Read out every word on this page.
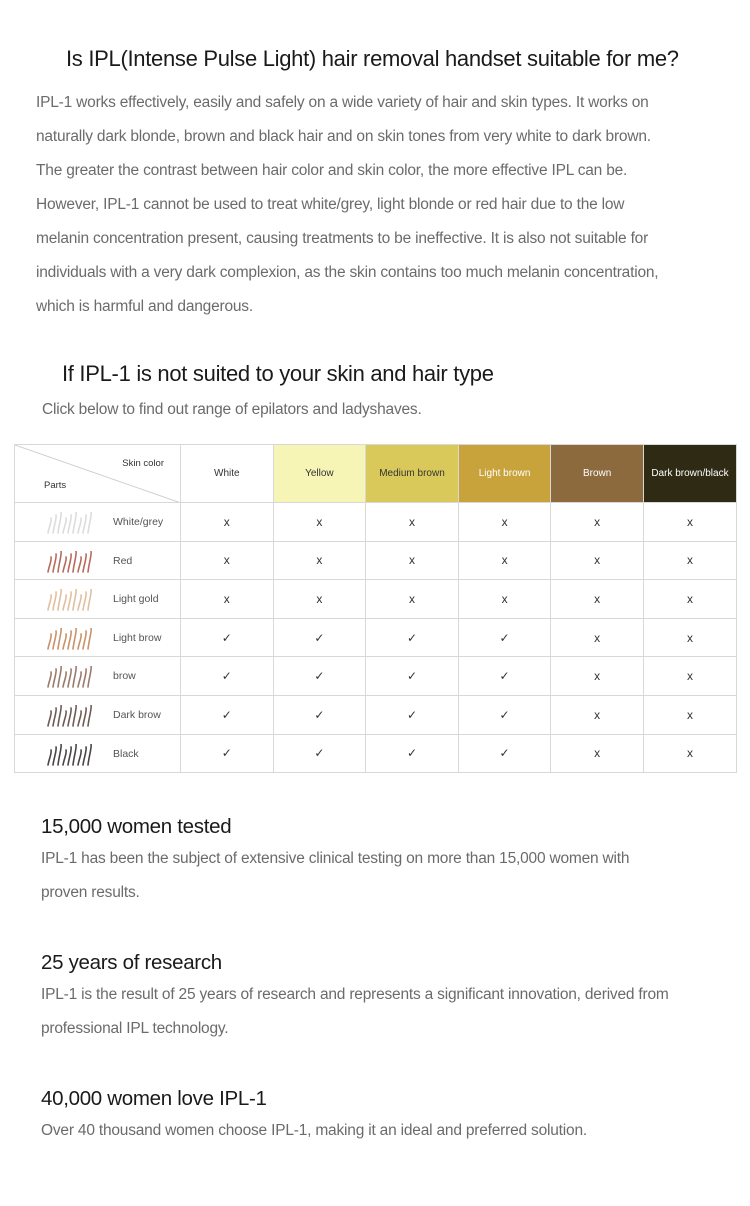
Is IPL(Intense Pulse Light) hair removal handset suitable for me?

IPL-1 works effectively, easily and safely on a wide variety of hair and skin types. It works on

naturally dark blonde, brown and black hair and on skin tones from very white to dark brown.

The greater the contrast between hair color and skin color, the more effective IPL can be.

However, IPL-1 cannot be used to treat white/grey, light blonde or red hair due to the low

melanin concentration present, causing treatments to be ineffective. It is also not suitable for

individuals with a very dark complexion, as the skin contains too much melanin concentration,

which is harmful and dangerous.

If IPL-1 is not suited to your skin and hair type
Click below to find out range of epilators and ladyshaves.
Skin color
Parts	White	Yellow	Medium brown	Light brown	Brown	Dark brown/black

White/grey	x	x	x	x	x	x

Red	x	x	x	x	x	x

Light gold	x	x	x	x	x	x

Light brow	✓	✓	✓	✓	x	x

brow	✓	✓	✓	✓	x	x

Dark brow	✓	✓	✓	✓	x	x

Black	✓	✓	✓	✓	x	x
15,000 women tested

IPL-1 has been the subject of extensive clinical testing on more than 15,000 women with

proven results.

25 years of research

IPL-1 is the result of 25 years of research and represents a significant innovation, derived from

professional IPL technology.

40,000 women love IPL-1

Over 40 thousand women choose IPL-1, making it an ideal and preferred solution.
